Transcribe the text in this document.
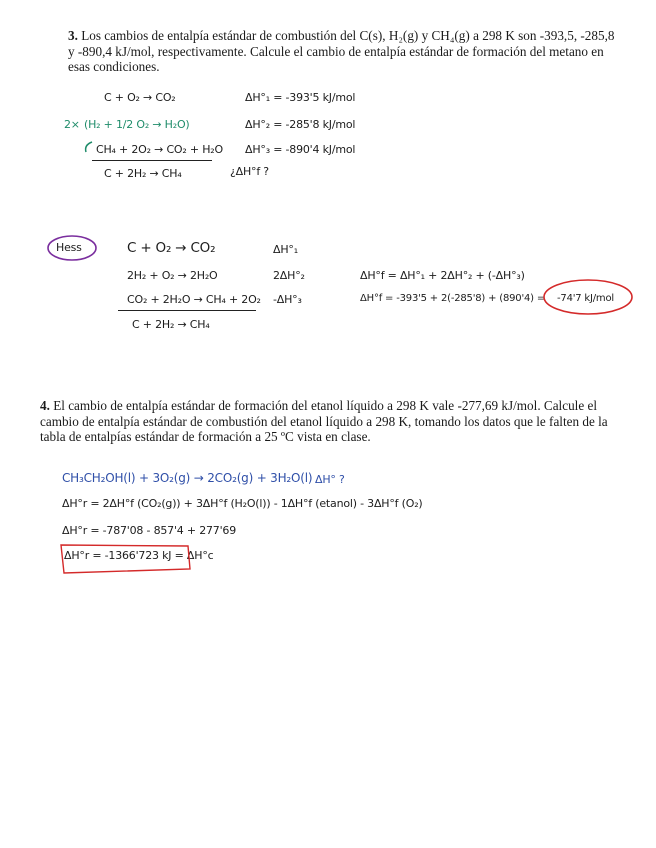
3. Los cambios de entalpía estándar de combustión del C(s), H₂(g) y CH₄(g) a 298 K son -393,5, -285,8 y -890,4 kJ/mol, respectivamente. Calcule el cambio de entalpía estándar de formación del metano en esas condiciones.
C + O₂ → CO₂	ΔH°₁ = -393'5 kJ/mol
2× (H₂ + 1/2 O₂ → H₂O)	ΔH°₂ = -285'8 kJ/mol
CH₄ + 2O₂ → CO₂ + H₂O ΔH°₃ = -890'4 kJ/mol
C + 2H₂ → CH₄	¿ΔH°f ?
Hess	C + O₂ → CO₂	ΔH°₁
2H₂ + O₂ → 2H₂O	2ΔH°₂
CO₂ + 2H₂O → CH₄ + 2O₂ -ΔH°₃
C + 2H₂ → CH₄
ΔH°f = ΔH°₁ + 2ΔH°₂ + (-ΔH°₃)
ΔH°f = -393'5 + 2(-285'8) + (890'4) = -74'7 kJ/mol
4. El cambio de entalpía estándar de formación del etanol líquido a 298 K vale -277,69 kJ/mol. Calcule el cambio de entalpía estándar de combustión del etanol líquido a 298 K, tomando los datos que le falten de la tabla de entalpías estándar de formación a 25 ºC vista en clase.
CH₃CH₂OH(l) + 3O₂(g) → 2CO₂(g) + 3H₂O(l) ΔH° ?
ΔH°r = 2ΔH°f (CO₂(g)) + 3ΔH°f (H₂O(l)) - 1ΔH°f (etanol) - 3ΔH°f (O₂)
ΔH°r = -787'08 - 857'4 + 277'69
ΔH°r = -1366'723 kJ = ΔH°c
